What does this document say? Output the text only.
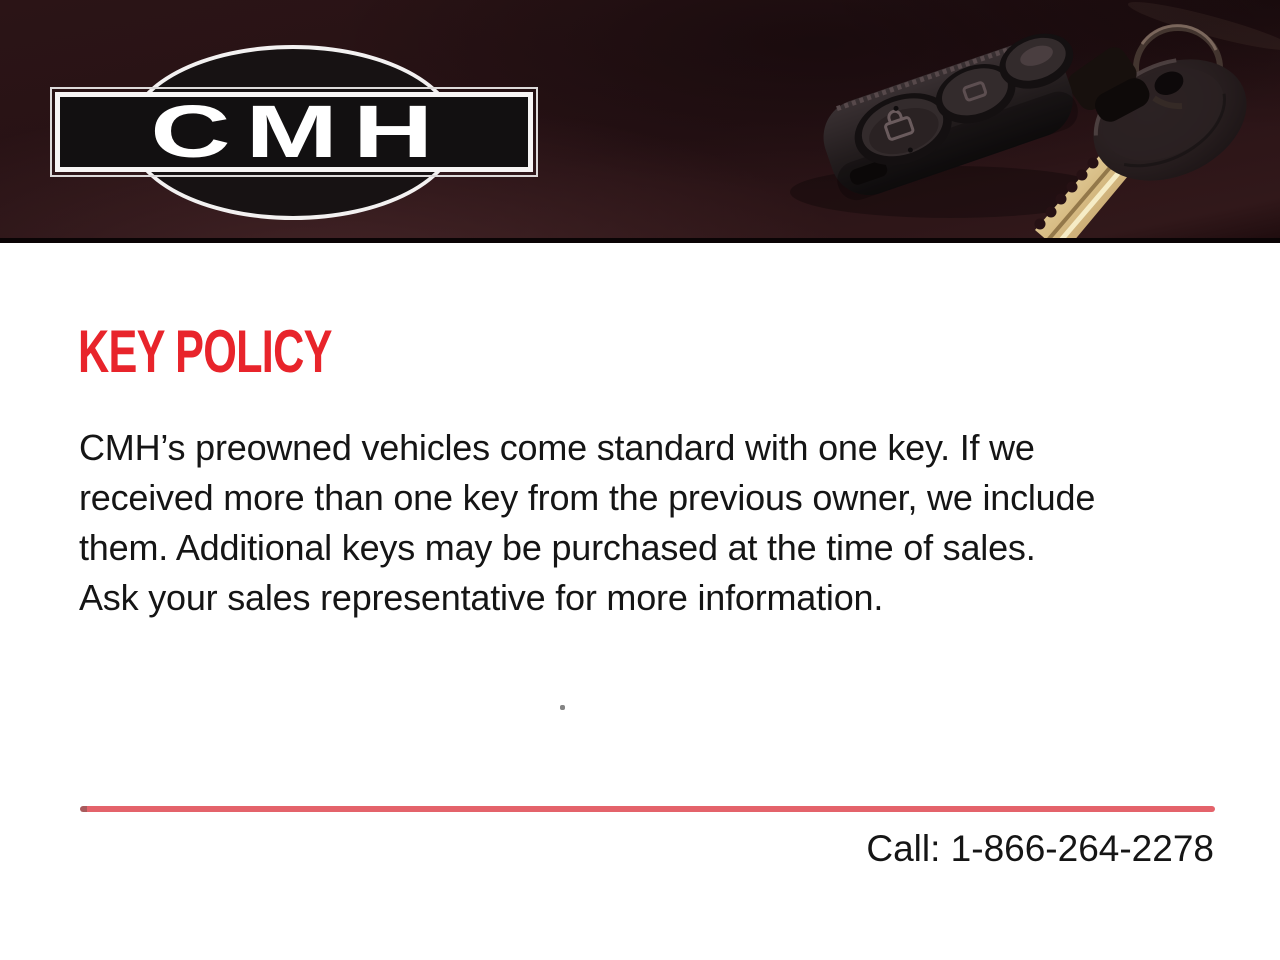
CMH
KEY POLICY
CMH’s preowned vehicles come standard with one key. If we
received more than one key from the previous owner, we include
them. Additional keys may be purchased at the time of sales.
Ask your sales representative for more information.
Call: 1-866-264-2278
